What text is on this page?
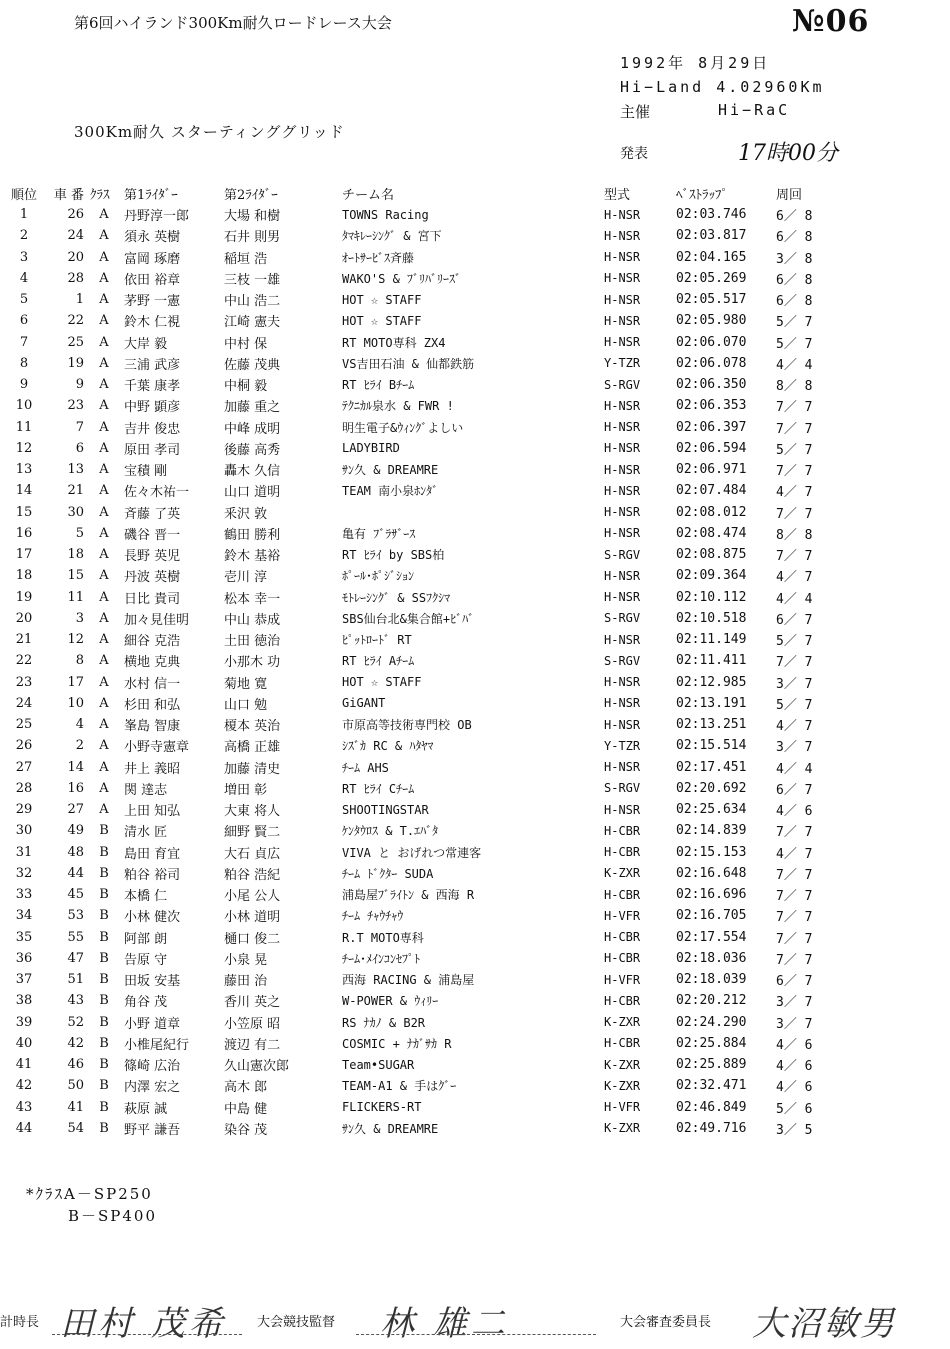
第6回ハイランド300Km耐久ロードレース大会	№06
1992年 8月29日
Hi−Land 4.02960Km
主催	Hi−RaC
300Km耐久 スターティンググリッド
発表	17時00分
順位	車 番	ｸﾗｽ	第1ﾗｲﾀﾞｰ	第2ﾗｲﾀﾞｰ	チーム名	型式	ﾍﾞｽﾄﾗｯﾌﾟ	周回
1	26	A	丹野淳一郎	大場 和樹	TOWNS Racing	H-NSR	02:03.746	6／ 8
2	24	A	須永 英樹	石井 則男	ﾀﾏｷﾚｰｼﾝｸﾞ & 宮下	H-NSR	02:03.817	6／ 8
3	20	A	富岡 琢磨	稲垣 浩	ｵｰﾄｻｰﾋﾞｽ斉藤	H-NSR	02:04.165	3／ 8
4	28	A	依田 裕章	三枝 一雄	WAKO'S & ﾌﾞﾘﾊﾞﾘｰｽﾞ	H-NSR	02:05.269	6／ 8
5	1	A	茅野 一憲	中山 浩二	HOT ☆ STAFF	H-NSR	02:05.517	6／ 8
6	22	A	鈴木 仁視	江崎 憲夫	HOT ☆ STAFF	H-NSR	02:05.980	5／ 7
7	25	A	大岸 毅	中村 保	RT MOTO専科 ZX4	H-NSR	02:06.070	5／ 7
8	19	A	三浦 武彦	佐藤 茂典	VS吉田石油 & 仙都鉄筋	Y-TZR	02:06.078	4／ 4
9	9	A	千葉 康孝	中桐 毅	RT ﾋﾗｲ Bﾁｰﾑ	S-RGV	02:06.350	8／ 8
10	23	A	中野 顕彦	加藤 重之	ﾃｸﾆｶﾙ泉水 & FWR !	H-NSR	02:06.353	7／ 7
11	7	A	吉井 俊忠	中峰 成明	明生電子&ｳｨﾝｸﾞよしい	H-NSR	02:06.397	7／ 7
12	6	A	原田 孝司	後藤 高秀	LADYBIRD	H-NSR	02:06.594	5／ 7
13	13	A	宝積 剛	轟木 久信	ｻﾝ久 & DREAMRE	H-NSR	02:06.971	7／ 7
14	21	A	佐々木祐一	山口 道明	TEAM 南小泉ﾎﾝﾀﾞ	H-NSR	02:07.484	4／ 7
15	30	A	斉藤 了英	釆沢 敦		H-NSR	02:08.012	7／ 7
16	5	A	磯谷 晋一	鶴田 勝利	亀有 ﾌﾞﾗｻﾞｰｽ	H-NSR	02:08.474	8／ 8
17	18	A	長野 英児	鈴木 基裕	RT ﾋﾗｲ by SBS柏	S-RGV	02:08.875	7／ 7
18	15	A	丹波 英樹	壱川 淳	ﾎﾟｰﾙ･ﾎﾟｼﾞｼｮﾝ	H-NSR	02:09.364	4／ 7
19	11	A	日比 貴司	松本 幸一	ﾓﾄﾚｰｼﾝｸﾞ & SSﾌｸｼﾏ	H-NSR	02:10.112	4／ 4
20	3	A	加々見佳明	中山 恭成	SBS仙台北&集合館+ﾋﾞﾊﾞ	S-RGV	02:10.518	6／ 7
21	12	A	細谷 克浩	土田 徳治	ﾋﾟｯﾄﾛｰﾄﾞ RT	H-NSR	02:11.149	5／ 7
22	8	A	横地 克典	小那木 功	RT ﾋﾗｲ Aﾁｰﾑ	S-RGV	02:11.411	7／ 7
23	17	A	水村 信一	菊地 寛	HOT ☆ STAFF	H-NSR	02:12.985	3／ 7
24	10	A	杉田 和弘	山口 勉	GiGANT	H-NSR	02:13.191	5／ 7
25	4	A	峯島 智康	榎本 英治	市原高等技術専門校 OB	H-NSR	02:13.251	4／ 7
26	2	A	小野寺憲章	高橋 正雄	ｼｽﾞｶ RC & ﾊﾀﾔﾏ	Y-TZR	02:15.514	3／ 7
27	14	A	井上 義昭	加藤 清史	ﾁｰﾑ AHS	H-NSR	02:17.451	4／ 4
28	16	A	関 達志	増田 彰	RT ﾋﾗｲ Cﾁｰﾑ	S-RGV	02:20.692	6／ 7
29	27	A	上田 知弘	大東 将人	SHOOTINGSTAR	H-NSR	02:25.634	4／ 6
30	49	B	清水 匠	細野 賢二	ｹﾝﾀｳﾛｽ & T.ｴﾊﾞﾀ	H-CBR	02:14.839	7／ 7
31	48	B	島田 育宜	大石 貞広	VIVA と おげれつ常連客	H-CBR	02:15.153	4／ 7
32	44	B	粕谷 裕司	粕谷 浩紀	ﾁｰﾑ ﾄﾞｸﾀｰ SUDA	K-ZXR	02:16.648	7／ 7
33	45	B	本橋 仁	小尾 公人	浦島屋ﾌﾞﾗｲﾄﾝ & 西海 R	H-CBR	02:16.696	7／ 7
34	53	B	小林 健次	小林 道明	ﾁｰﾑ ﾁｬｳﾁｬｳ	H-VFR	02:16.705	7／ 7
35	55	B	阿部 朗	樋口 俊二	R.T MOTO専科	H-CBR	02:17.554	7／ 7
36	47	B	告原 守	小泉 晃	ﾁｰﾑ･ﾒｲﾝｺﾝｾﾌﾟﾄ	H-CBR	02:18.036	7／ 7
37	51	B	田坂 安基	藤田 治	西海 RACING & 浦島屋	H-VFR	02:18.039	6／ 7
38	43	B	角谷 茂	香川 英之	W-POWER & ｳｨﾘｰ	H-CBR	02:20.212	3／ 7
39	52	B	小野 道章	小笠原 昭	RS ﾅｶﾉ & B2R	K-ZXR	02:24.290	3／ 7
40	42	B	小椎尾紀行	渡辺 有二	COSMIC + ﾅｶﾞｻｶ R	H-CBR	02:25.884	4／ 6
41	46	B	篠崎 広治	久山憲次郎	Team•SUGAR	K-ZXR	02:25.889	4／ 6
42	50	B	内澤 宏之	高木 郎	TEAM-A1 & 手はｸﾞｰ	K-ZXR	02:32.471	4／ 6
43	41	B	萩原 誠	中島 健	FLICKERS-RT	H-VFR	02:46.849	5／ 6
44	54	B	野平 謙吾	染谷 茂	ｻﾝ久 & DREAMRE	K-ZXR	02:49.716	3／ 5
*ｸﾗｽA－SP250
B－SP400
計時長 田村 茂希 大会競技監督 林 雄二	大会審査委員長 大沼敏男
